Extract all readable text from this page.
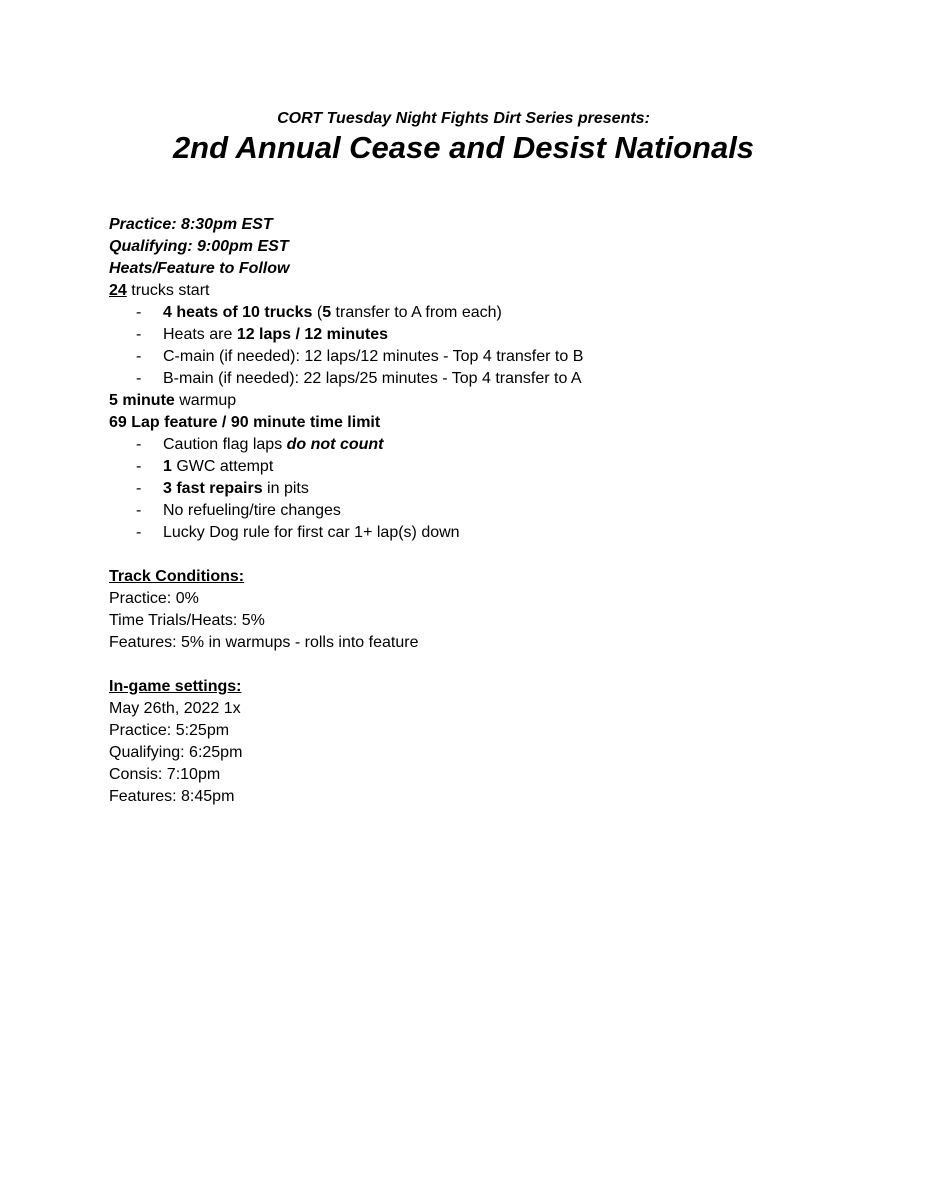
CORT Tuesday Night Fights Dirt Series presents:
2nd Annual Cease and Desist Nationals
Practice: 8:30pm EST
Qualifying: 9:00pm EST
Heats/Feature to Follow
24 trucks start
- 4 heats of 10 trucks (5 transfer to A from each)
- Heats are 12 laps / 12 minutes
- C-main (if needed): 12 laps/12 minutes - Top 4 transfer to B
- B-main (if needed): 22 laps/25 minutes - Top 4 transfer to A
5 minute warmup
69 Lap feature / 90 minute time limit
- Caution flag laps do not count
- 1 GWC attempt
- 3 fast repairs in pits
- No refueling/tire changes
- Lucky Dog rule for first car 1+ lap(s) down
Track Conditions:
Practice: 0%
Time Trials/Heats: 5%
Features: 5% in warmups - rolls into feature
In-game settings:
May 26th, 2022 1x
Practice: 5:25pm
Qualifying: 6:25pm
Consis: 7:10pm
Features: 8:45pm
